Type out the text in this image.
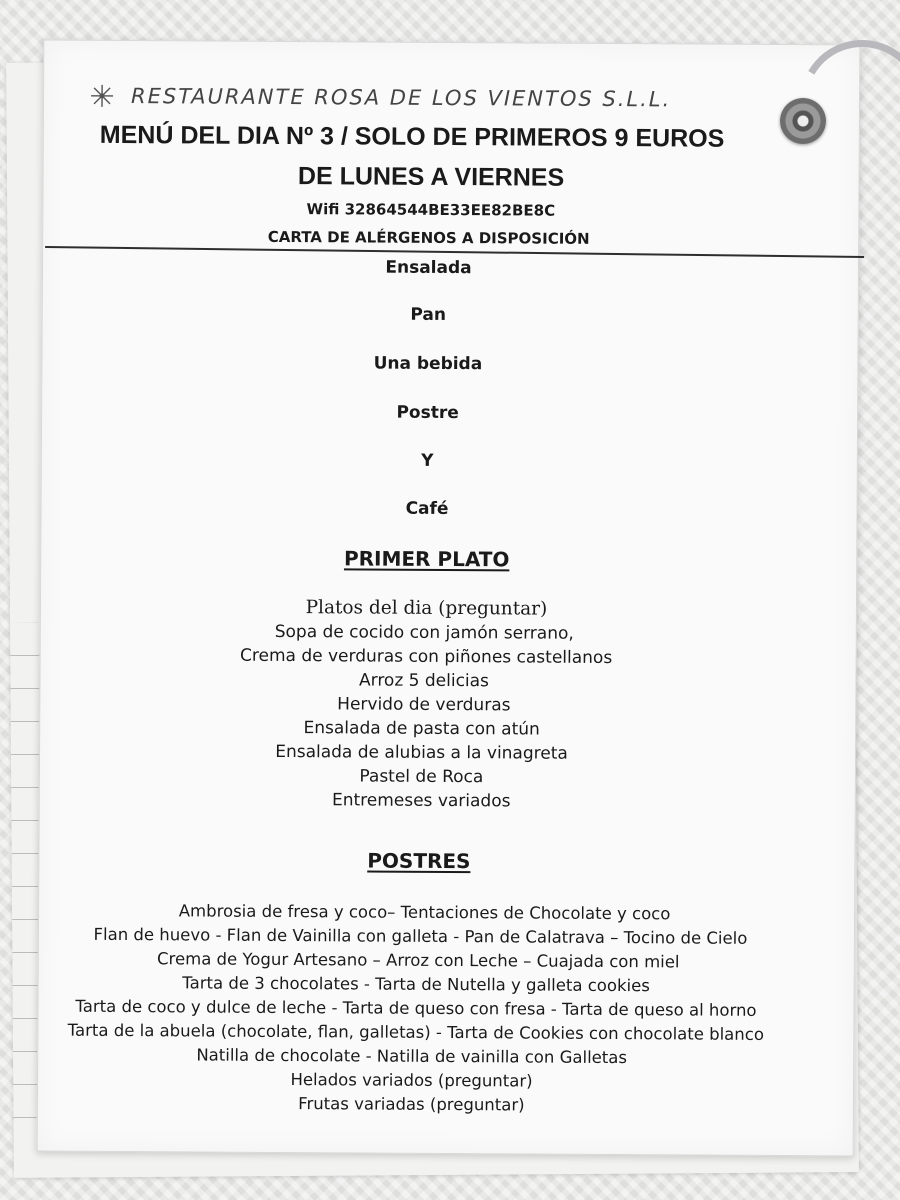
RESTAURANTE ROSA DE LOS VIENTOS S.L.L.
MENÚ DEL DIA Nº 3 / SOLO DE PRIMEROS 9 EUROS
DE LUNES A VIERNES
Wifi 32864544BE33EE82BE8C
CARTA DE ALÉRGENOS A DISPOSICIÓN
Ensalada
Pan
Una bebida
Postre
Y
Café
PRIMER PLATO
Platos del dia (preguntar)
Sopa de cocido con jamón serrano,
Crema de verduras con piñones castellanos
Arroz 5 delicias
Hervido de verduras
Ensalada de pasta con atún
Ensalada de alubias a la vinagreta
Pastel de Roca
Entremeses variados
POSTRES
Ambrosia de fresa y coco– Tentaciones de Chocolate y coco
Flan de huevo - Flan de Vainilla con galleta - Pan de Calatrava – Tocino de Cielo
Crema de Yogur Artesano – Arroz con Leche – Cuajada con miel
Tarta de 3 chocolates - Tarta de Nutella y galleta cookies
Tarta de coco y dulce de leche - Tarta de queso con fresa - Tarta de queso al horno
Tarta de la abuela (chocolate, flan, galletas) - Tarta de Cookies con chocolate blanco
Natilla de chocolate - Natilla de vainilla con Galletas
Helados variados (preguntar)
Frutas variadas (preguntar)
